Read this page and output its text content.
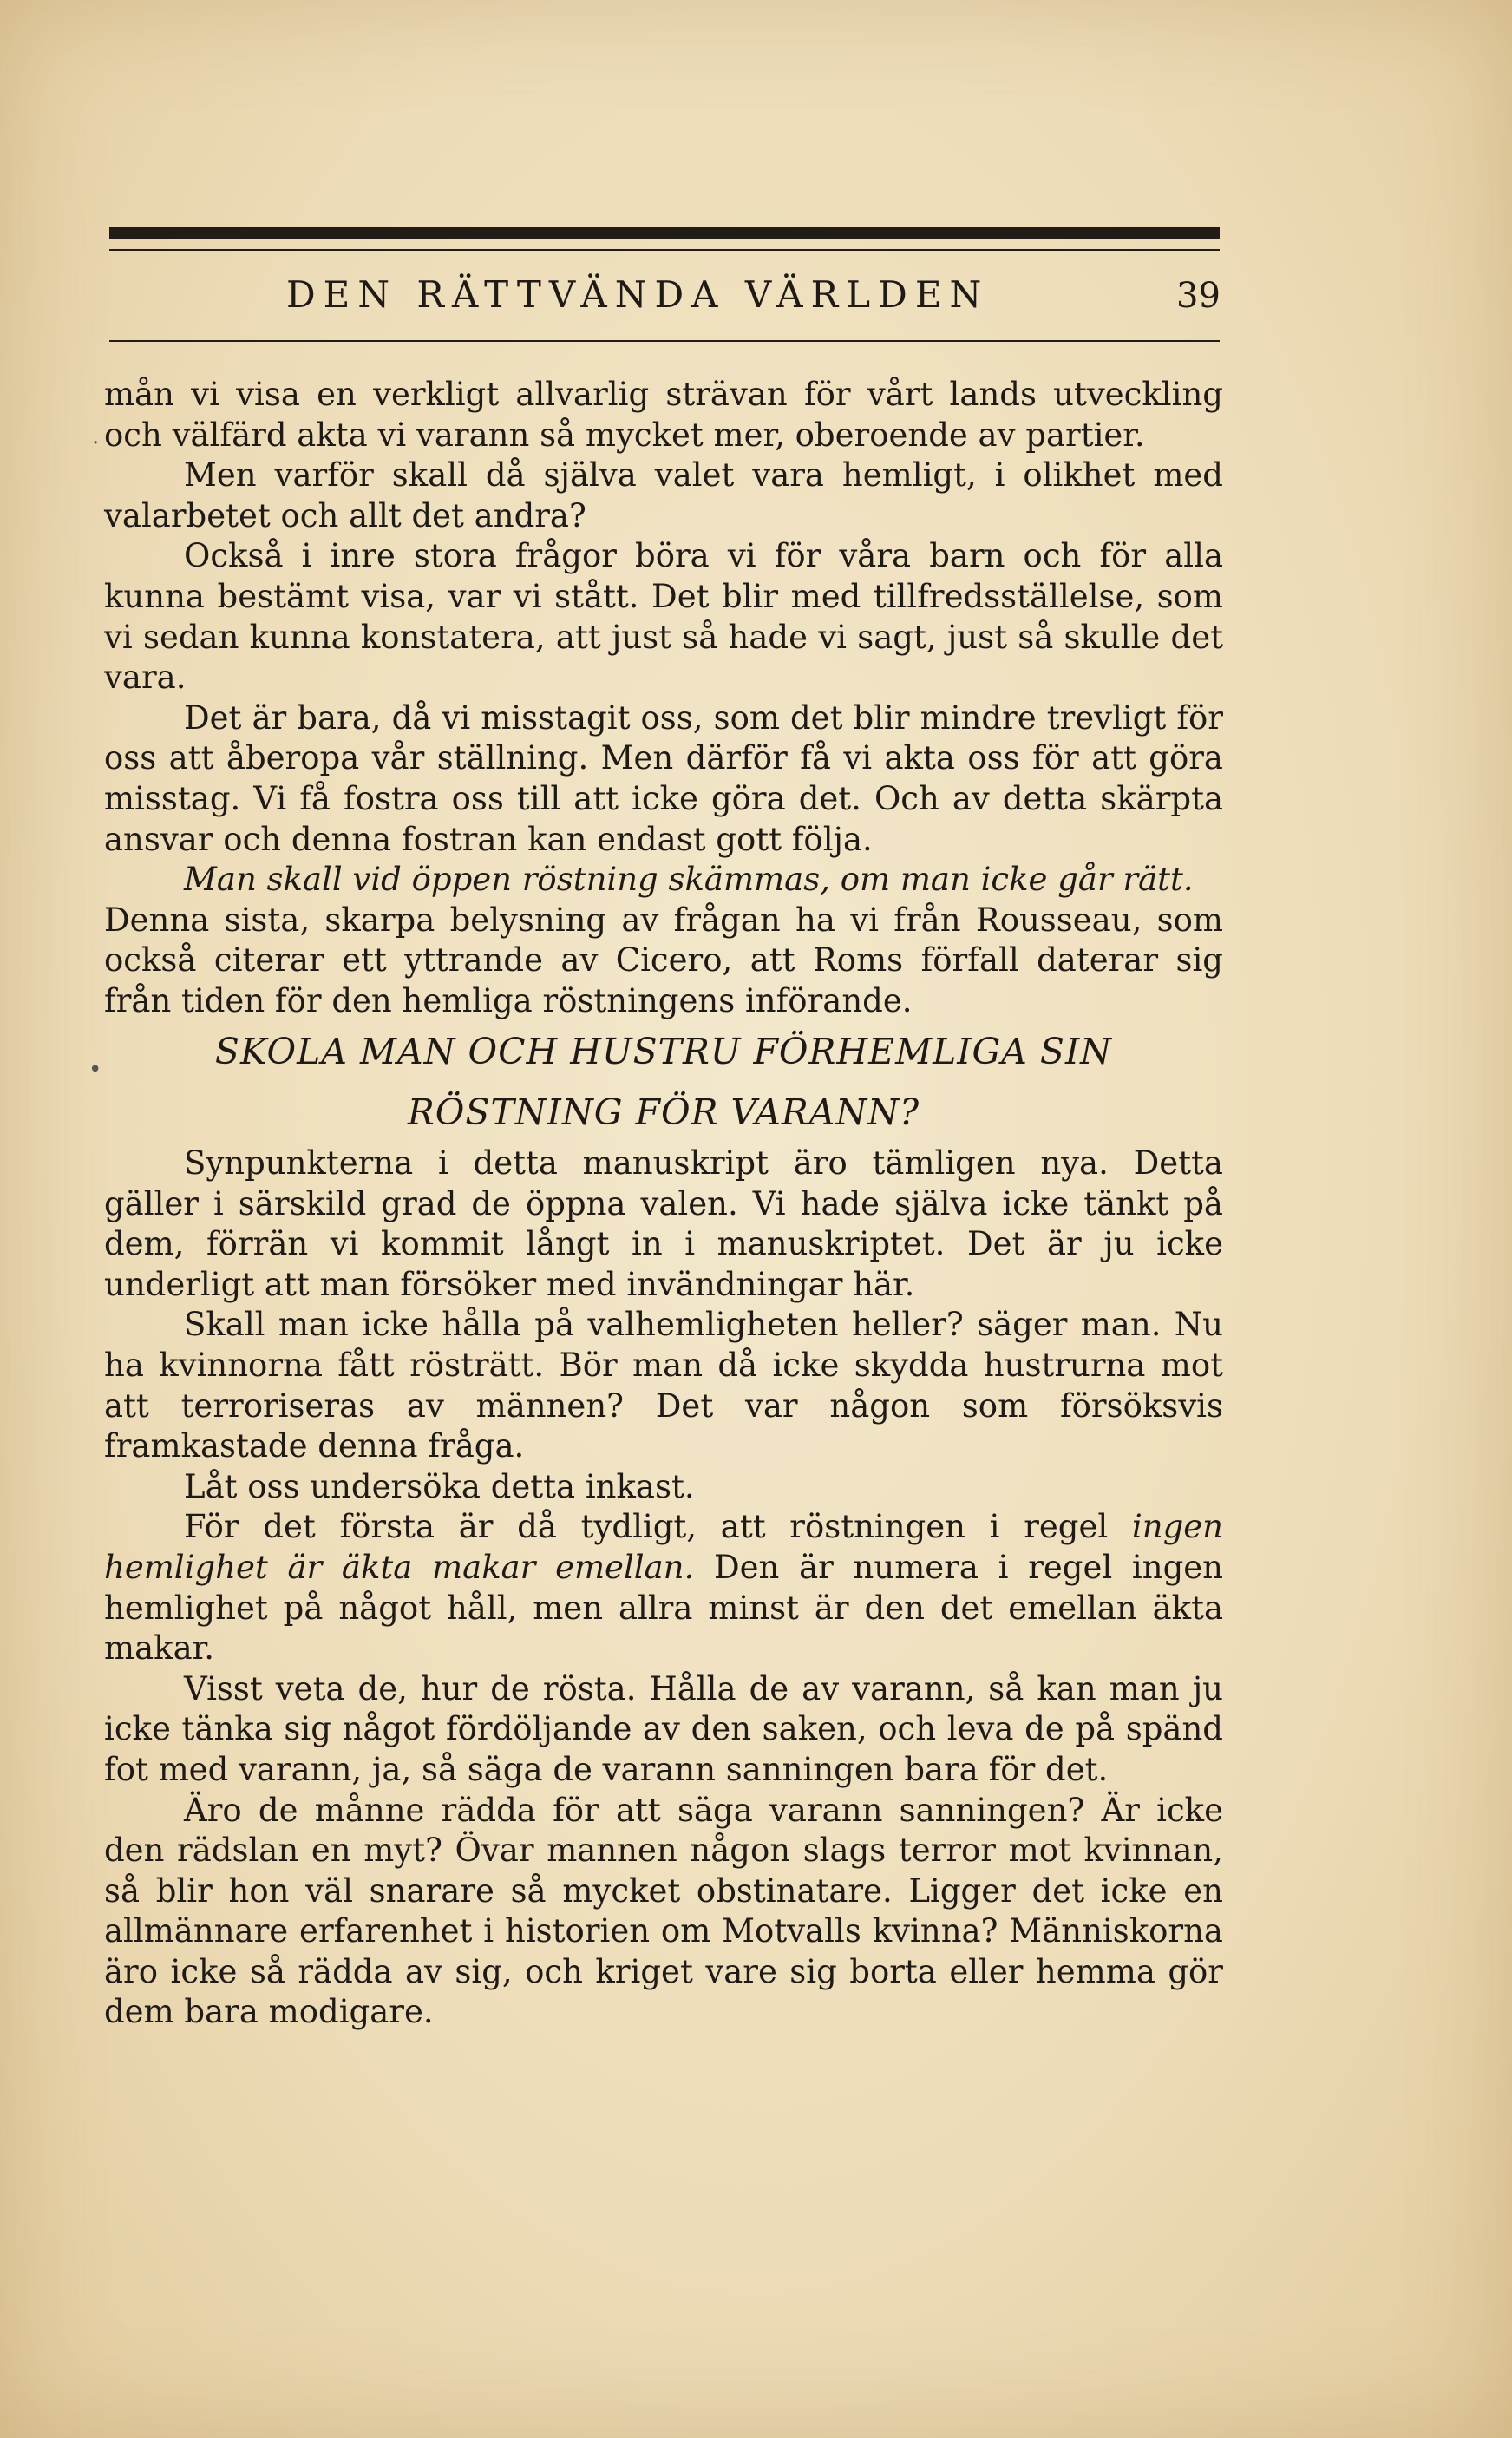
DEN RÄTTVÄNDA VÄRLDEN	39
·
•

mån vi visa en verkligt allvarlig strävan för vårt lands utveckling och välfärd akta vi varann så mycket mer, oberoende av partier.

Men varför skall då själva valet vara hemligt, i olikhet med valarbetet och allt det andra?

Också i inre stora frågor böra vi för våra barn och för alla kunna bestämt visa, var vi stått. Det blir med tillfredsställelse, som vi sedan kunna konstatera, att just så hade vi sagt, just så skulle det vara.

Det är bara, då vi misstagit oss, som det blir mindre trevligt för oss att åberopa vår ställning. Men därför få vi akta oss för att göra misstag. Vi få fostra oss till att icke göra det. Och av detta skärpta ansvar och denna fostran kan endast gott följa.

Man skall vid öppen röstning skämmas, om man icke går rätt.

Denna sista, skarpa belysning av frågan ha vi från Rousseau, som också citerar ett yttrande av Cicero, att Roms förfall daterar sig från tiden för den hemliga röstningens införande.

SKOLA MAN OCH HUSTRU FÖRHEMLIGA SIN
RÖSTNING FÖR VARANN?

Synpunkterna i detta manuskript äro tämligen nya. Detta gäller i särskild grad de öppna valen. Vi hade själva icke tänkt på dem, förrän vi kommit långt in i manuskriptet. Det är ju icke underligt att man försöker med invändningar här.

Skall man icke hålla på valhemligheten heller? säger man. Nu ha kvinnorna fått rösträtt. Bör man då icke skydda hustrurna mot att terroriseras av männen? Det var någon som försöksvis framkastade denna fråga.

Låt oss undersöka detta inkast.

För det första är då tydligt, att röstningen i regel ingen hemlighet är äkta makar emellan. Den är numera i regel ingen hemlighet på något håll, men allra minst är den det emellan äkta makar.

Visst veta de, hur de rösta. Hålla de av varann, så kan man ju icke tänka sig något fördöljande av den saken, och leva de på spänd fot med varann, ja, så säga de varann sanningen bara för det.

Äro de månne rädda för att säga varann sanningen? Är icke den rädslan en myt? Övar mannen någon slags terror mot kvinnan, så blir hon väl snarare så mycket obstinatare. Ligger det icke en allmännare erfarenhet i historien om Motvalls kvinna? Människorna äro icke så rädda av sig, och kriget vare sig borta eller hemma gör dem bara modigare.
